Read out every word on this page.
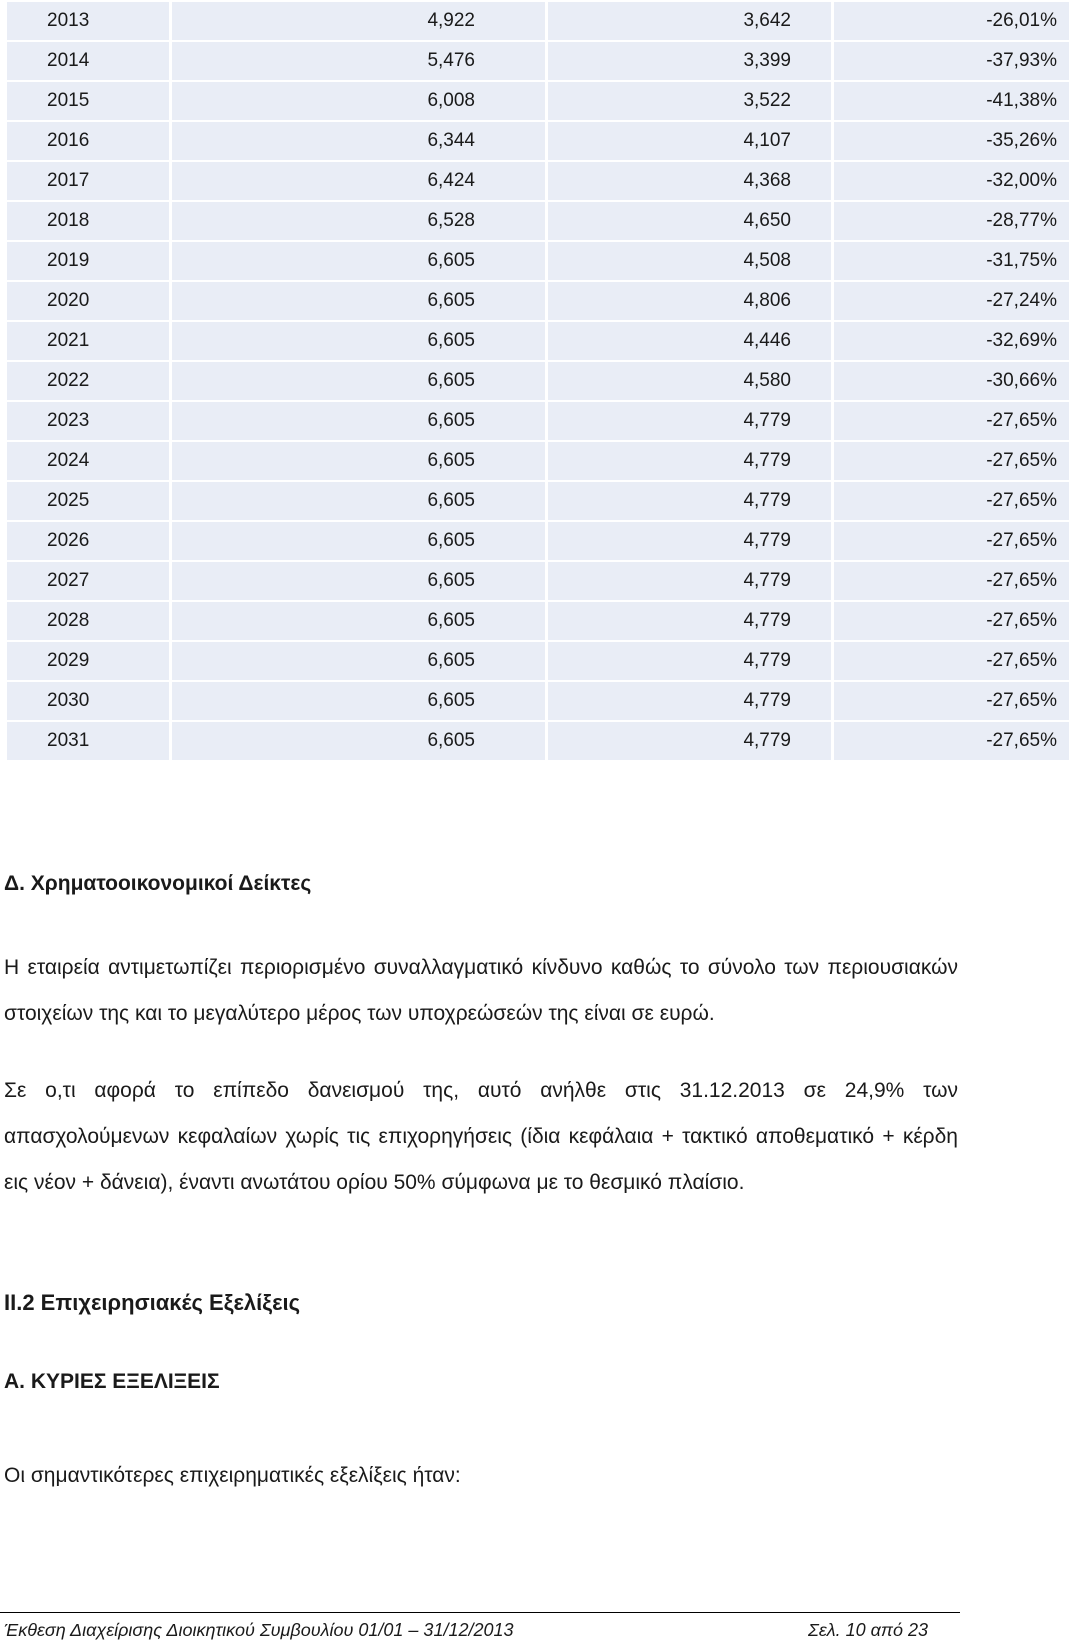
2013	4,922	3,642	-26,01%
2014	5,476	3,399	-37,93%
2015	6,008	3,522	-41,38%
2016	6,344	4,107	-35,26%
2017	6,424	4,368	-32,00%
2018	6,528	4,650	-28,77%
2019	6,605	4,508	-31,75%
2020	6,605	4,806	-27,24%
2021	6,605	4,446	-32,69%
2022	6,605	4,580	-30,66%
2023	6,605	4,779	-27,65%
2024	6,605	4,779	-27,65%
2025	6,605	4,779	-27,65%
2026	6,605	4,779	-27,65%
2027	6,605	4,779	-27,65%
2028	6,605	4,779	-27,65%
2029	6,605	4,779	-27,65%
2030	6,605	4,779	-27,65%
2031	6,605	4,779	-27,65%
Δ. Χρηματοοικονομικοί Δείκτες

Η εταιρεία αντιμετωπίζει περιορισμένο συναλλαγματικό κίνδυνο καθώς το σύνολο των περιουσιακών στοιχείων της και το μεγαλύτερο μέρος των υποχρεώσεών της είναι σε ευρώ.

Σε ο,τι αφορά το επίπεδο δανεισμού της, αυτό ανήλθε στις 31.12.2013 σε 24,9% των απασχολούμενων κεφαλαίων χωρίς τις επιχορηγήσεις (ίδια κεφάλαια + τακτικό αποθεματικό + κέρδη εις νέον + δάνεια), έναντι ανωτάτου ορίου 50% σύμφωνα με το θεσμικό πλαίσιο.

ΙΙ.2 Επιχειρησιακές Εξελίξεις
Α. ΚΥΡΙΕΣ ΕΞΕΛΙΞΕΙΣ

Οι σημαντικότερες επιχειρηματικές εξελίξεις ήταν:

Έκθεση Διαχείρισης Διοικητικού Συμβουλίου 01/01 – 31/12/2013	Σελ. 10 από 23
